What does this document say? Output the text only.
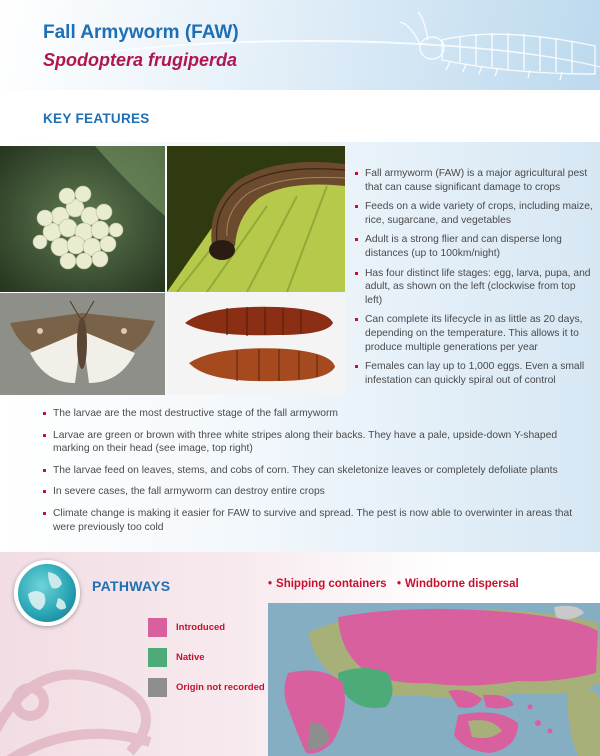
Fall Armyworm (FAW)
Spodoptera frugiperda
KEY FEATURES
Fall armyworm (FAW) is a major agricultural pest that can cause significant damage to crops
Feeds on a wide variety of crops, including maize, rice, sugarcane, and vegetables
Adult is a strong flier and can disperse long distances (up to 100km/night)
Has four distinct life stages: egg, larva, pupa, and adult, as shown on the left (clockwise from top left)
Can complete its lifecycle in as little as 20 days, depending on the temperature. This allows it to produce multiple generations per year
Females can lay up to 1,000 eggs. Even a small infestation can quickly spiral out of control
The larvae are the most destructive stage of the fall armyworm
Larvae are green or brown with three white stripes along their backs. They have a pale, upside-down Y-shaped marking on their head (see image, top right)
The larvae feed on leaves, stems, and cobs of corn. They can skeletonize leaves or completely defoliate plants
In severe cases, the fall armyworm can destroy entire crops
Climate change is making it easier for FAW to survive and spread. The pest is now able to overwinter in areas that were previously too cold
PATHWAYS	• Shipping containers • Windborne dispersal
Introduced
Native
Origin not recorded
